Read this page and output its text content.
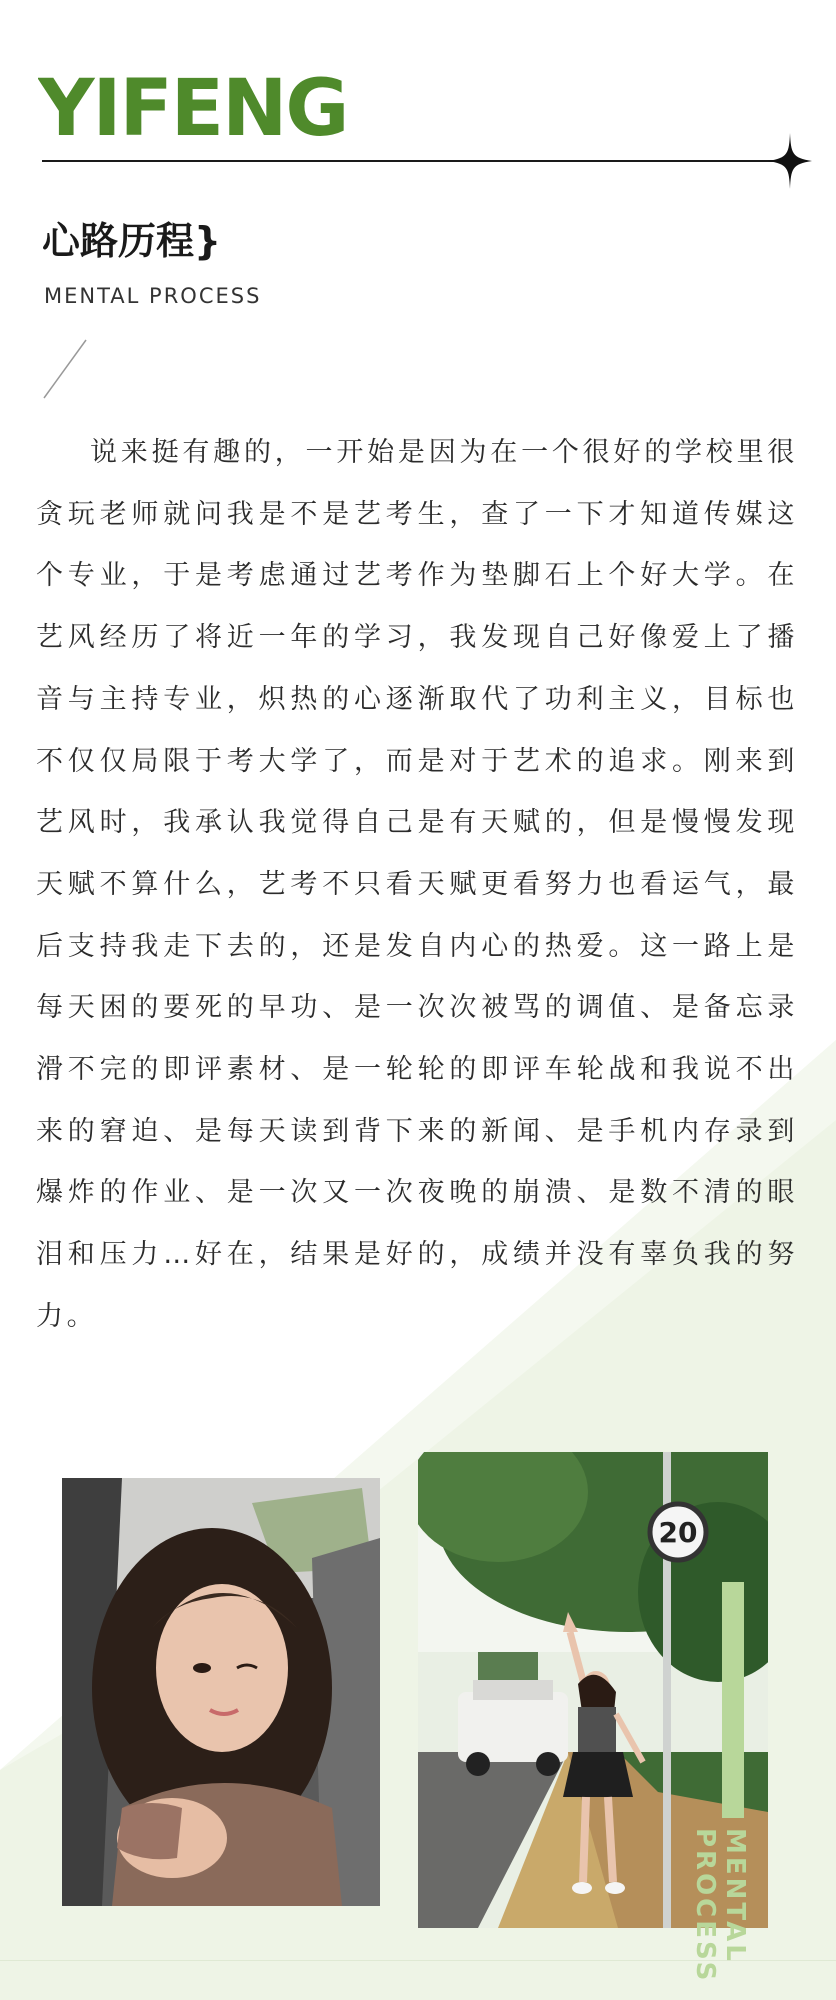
YIFENG
心路历程}
MENTAL PROCESS

说来挺有趣的，一开始是因为在一个很好的学校里很贪玩老师就问我是不是艺考生，查了一下才知道传媒这个专业，于是考虑通过艺考作为垫脚石上个好大学。在艺风经历了将近一年的学习，我发现自己好像爱上了播音与主持专业，炽热的心逐渐取代了功利主义，目标也不仅仅局限于考大学了，而是对于艺术的追求。刚来到艺风时，我承认我觉得自己是有天赋的，但是慢慢发现天赋不算什么，艺考不只看天赋更看努力也看运气，最后支持我走下去的，还是发自内心的热爱。这一路上是每天困的要死的早功、是一次次被骂的调值、是备忘录滑不完的即评素材、是一轮轮的即评车轮战和我说不出来的窘迫、是每天读到背下来的新闻、是手机内存录到爆炸的作业、是一次又一次夜晚的崩溃、是数不清的眼泪和压力…好在，结果是好的，成绩并没有辜负我的努力。

20
MENTAL
PROCESS
